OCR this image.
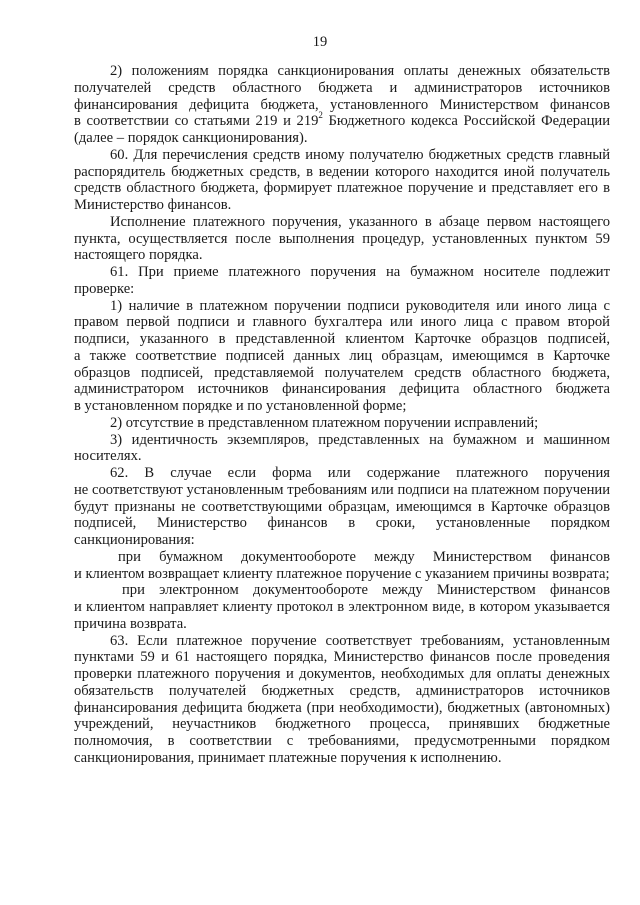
19

2) положениям порядка санкционирования оплаты денежных обязательств получателей средств областного бюджета и администраторов источников финансирования дефицита бюджета, установленного Министерством финансов в соответствии со статьями 219 и $219^2$ Бюджетного кодекса Российской Федерации (далее – порядок санкционирования).

60. Для перечисления средств иному получателю бюджетных средств главный распорядитель бюджетных средств, в ведении которого находится иной получатель средств областного бюджета, формирует платежное поручение и представляет его в Министерство финансов.

Исполнение платежного поручения, указанного в абзаце первом настоящего пункта, осуществляется после выполнения процедур, установленных пунктом 59 настоящего порядка.

61. При приеме платежного поручения на бумажном носителе подлежит проверке:

1) наличие в платежном поручении подписи руководителя или иного лица с правом первой подписи и главного бухгалтера или иного лица с правом второй подписи, указанного в представленной клиентом Карточке образцов подписей, а также соответствие подписей данных лиц образцам, имеющимся в Карточке образцов подписей, представляемой получателем средств областного бюджета, администратором источников финансирования дефицита областного бюджета в установленном порядке и по установленной форме;

2) отсутствие в представленном платежном поручении исправлений;

3) идентичность экземпляров, представленных на бумажном и машинном носителях.

62. В случае если форма или содержание платежного поручения не соответствуют установленным требованиям или подписи на платежном поручении будут признаны не соответствующими образцам, имеющимся в Карточке образцов подписей, Министерство финансов в сроки, установленные порядком санкционирования:

при бумажном документообороте между Министерством финансов и клиентом возвращает клиенту платежное поручение с указанием причины возврата;

при электронном документообороте между Министерством финансов и клиентом направляет клиенту протокол в электронном виде, в котором указывается причина возврата.

63. Если платежное поручение соответствует требованиям, установленным пунктами 59 и 61 настоящего порядка, Министерство финансов после проведения проверки платежного поручения и документов, необходимых для оплаты денежных обязательств получателей бюджетных средств, администраторов источников финансирования дефицита бюджета (при необходимости), бюджетных (автономных) учреждений, неучастников бюджетного процесса, принявших бюджетные полномочия, в соответствии с требованиями, предусмотренными порядком санкционирования, принимает платежные поручения к исполнению.
